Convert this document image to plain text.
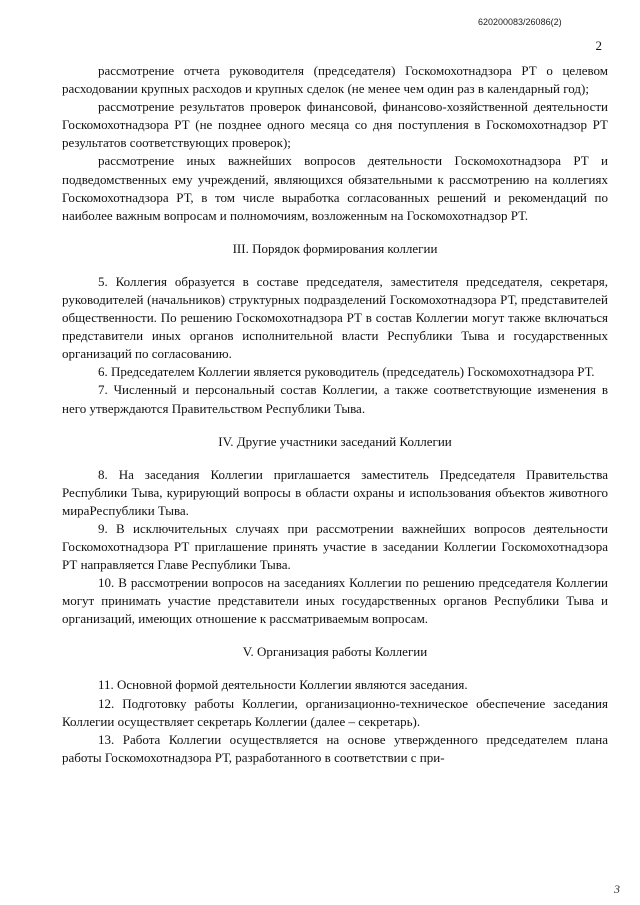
620200083/26086(2)
2

рассмотрение отчета руководителя (председателя) Госкомохотнадзора РТ о целевом расходовании крупных расходов и крупных сделок (не менее чем один раз в календарный год);

рассмотрение результатов проверок финансовой, финансово-хозяйственной деятельности Госкомохотнадзора РТ (не позднее одного месяца со дня поступления в Госкомохотнадзор РТ результатов соответствующих проверок);

рассмотрение иных важнейших вопросов деятельности Госкомохотнадзора РТ и подведомственных ему учреждений, являющихся обязательными к рассмотрению на коллегиях Госкомохотнадзора РТ, в том числе выработка согласованных решений и рекомендаций по наиболее важным вопросам и полномочиям, возложенным на Госкомохотнадзор РТ.

III. Порядок формирования коллегии

5. Коллегия образуется в составе председателя, заместителя председателя, секретаря, руководителей (начальников) структурных подразделений Госкомохотнадзора РТ, представителей общественности. По решению Госкомохотнадзора РТ в состав Коллегии могут также включаться представители иных органов исполнительной власти Республики Тыва и государственных организаций по согласованию.

6. Председателем Коллегии является руководитель (председатель) Госкомохотнадзора РТ.

7. Численный и персональный состав Коллегии, а также соответствующие изменения в него утверждаются Правительством Республики Тыва.

IV. Другие участники заседаний Коллегии

8. На заседания Коллегии приглашается заместитель Председателя Правительства Республики Тыва, курирующий вопросы в области охраны и использования объектов животного мираРеспублики Тыва.

9. В исключительных случаях при рассмотрении важнейших вопросов деятельности Госкомохотнадзора РТ приглашение принять участие в заседании Коллегии Госкомохотнадзора РТ направляется Главе Республики Тыва.

10. В рассмотрении вопросов на заседаниях Коллегии по решению председателя Коллегии могут принимать участие представители иных государственных органов Республики Тыва и организаций, имеющих отношение к рассматриваемым вопросам.

V. Организация работы Коллегии

11. Основной формой деятельности Коллегии являются заседания.

12. Подготовку работы Коллегии, организационно-техническое обеспечение заседания Коллегии осуществляет секретарь Коллегии (далее – секретарь).

13. Работа Коллегии осуществляется на основе утвержденного председателем плана работы Госкомохотнадзора РТ, разработанного в соответствии с при-

3
